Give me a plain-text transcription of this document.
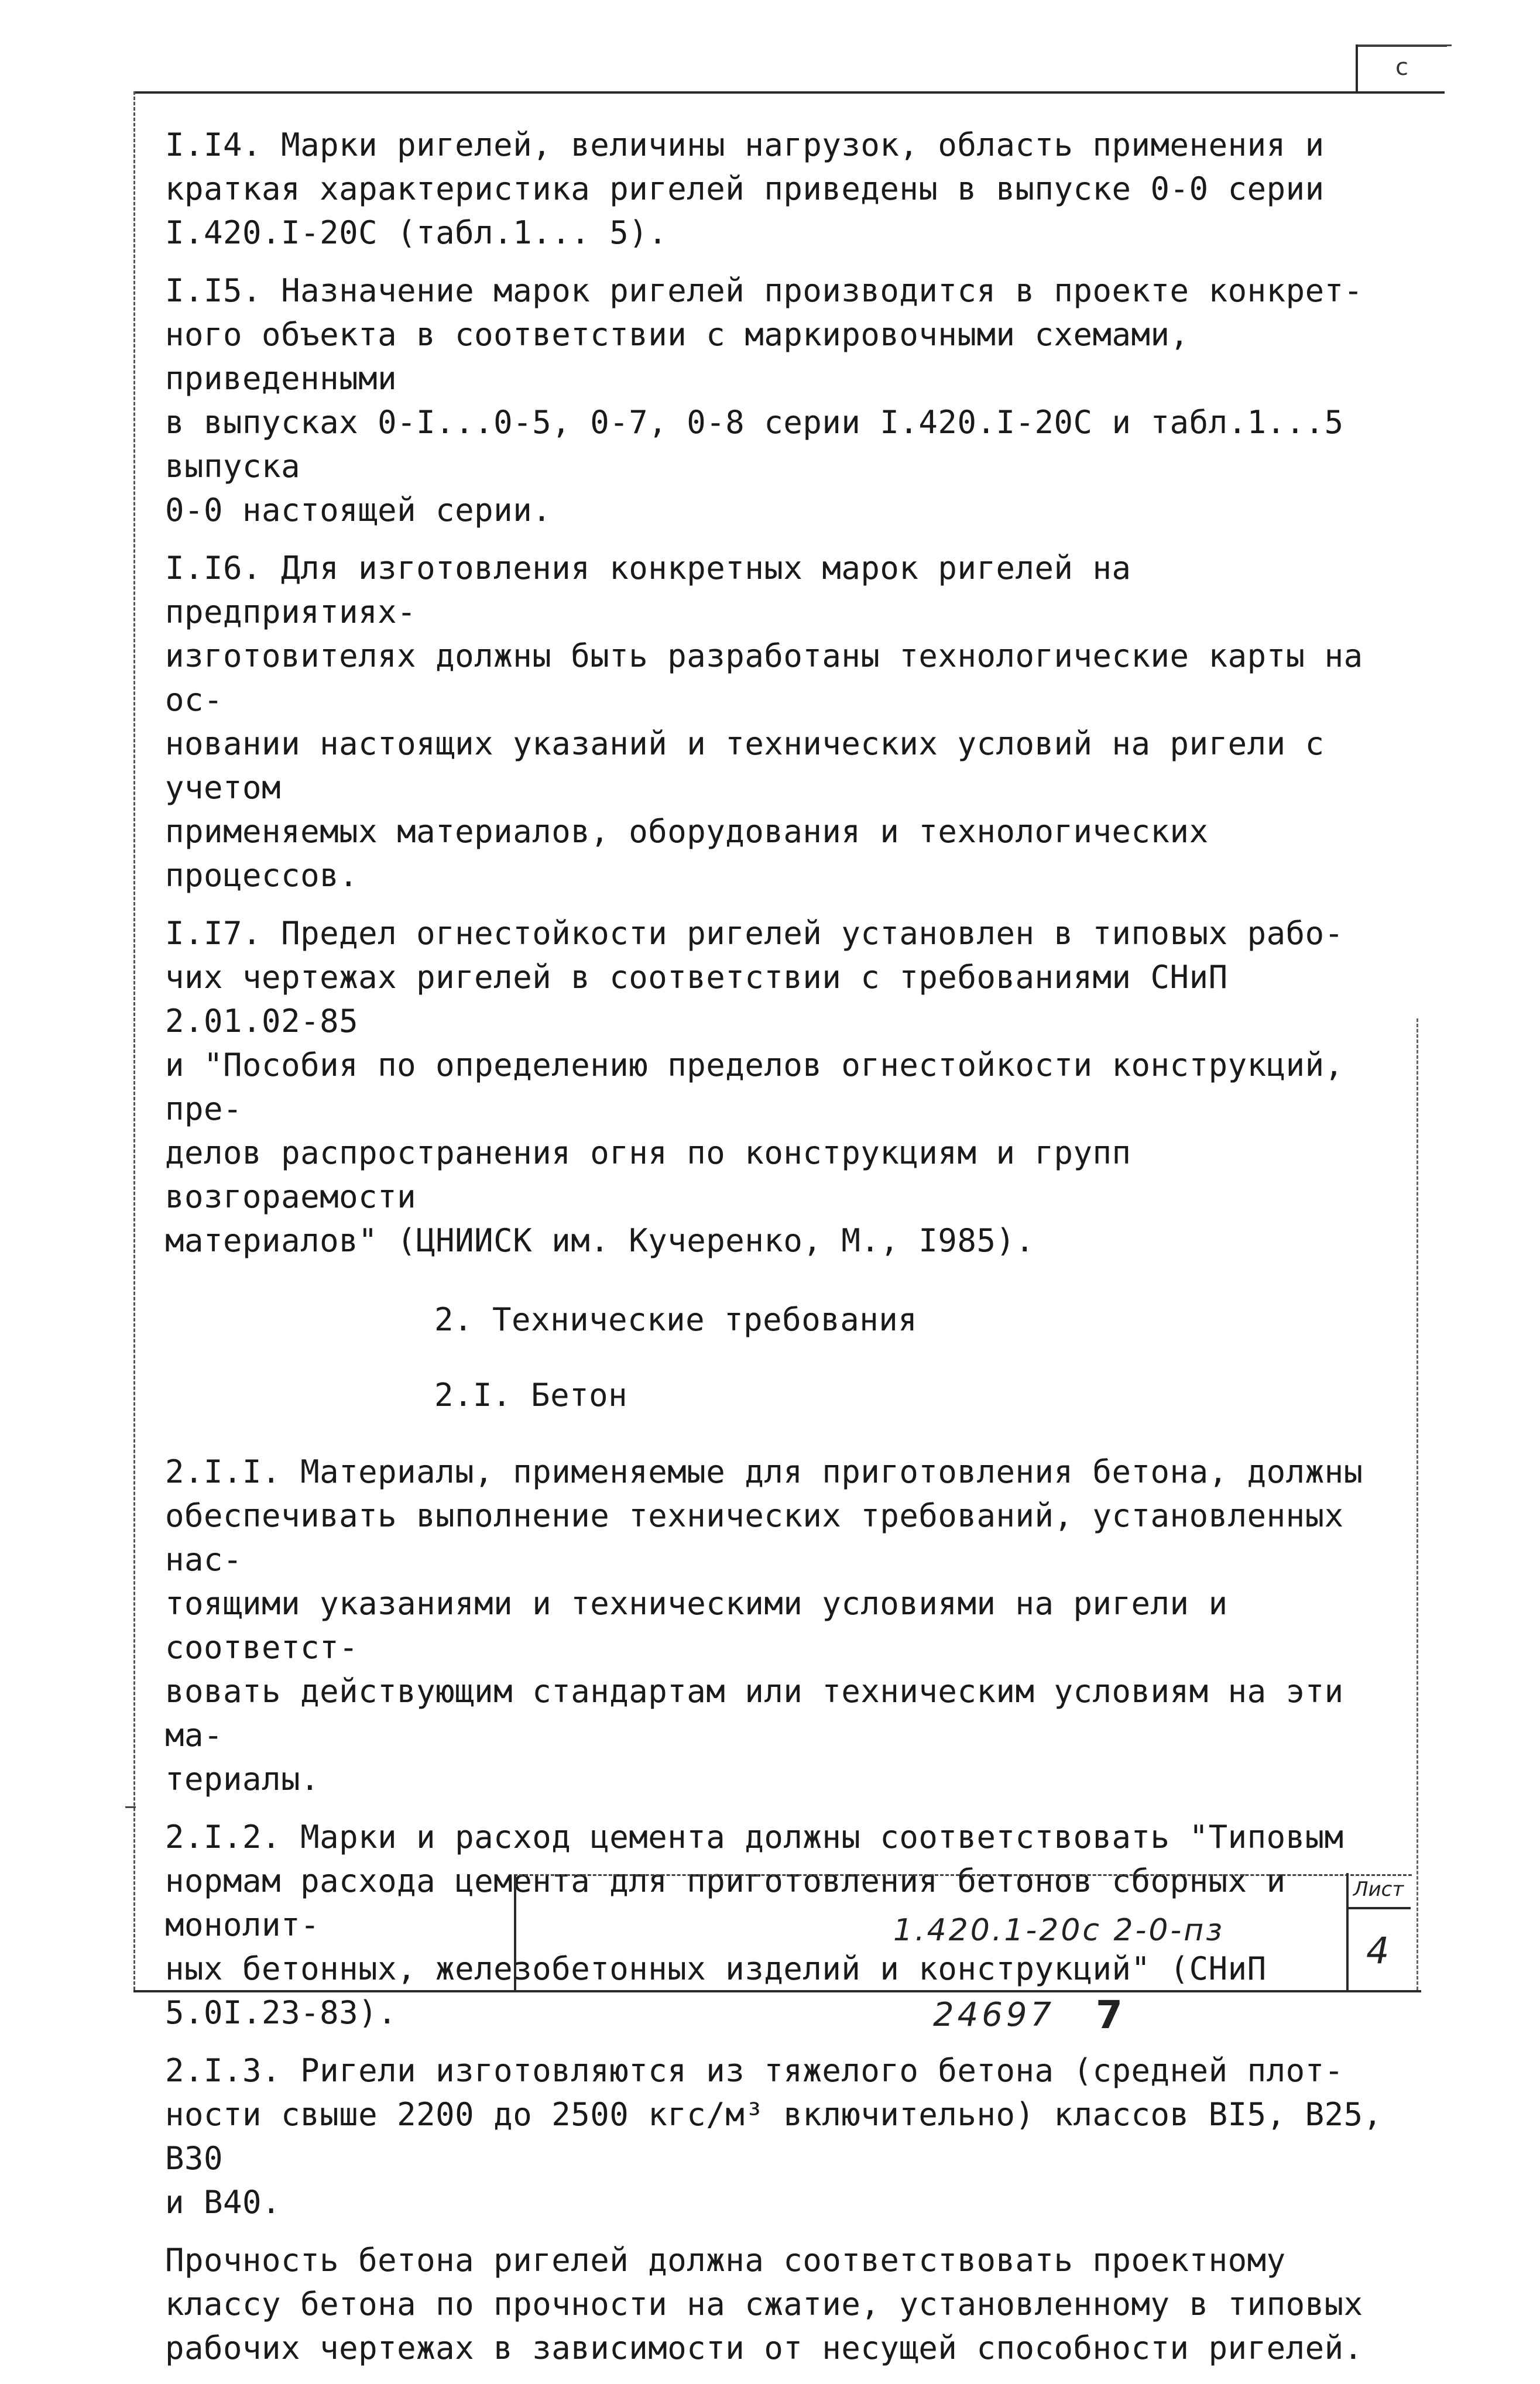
с

I.I4. Марки ригелей, величины нагрузок, область применения и
краткая характеристика ригелей приведены в выпуске 0-0 серии
I.420.I-20С (табл.1... 5).

I.I5. Назначение марок ригелей производится в проекте конкрет-
ного объекта в соответствии с маркировочными схемами, приведенными
в выпусках 0-I...0-5, 0-7, 0-8 серии I.420.I-20С и табл.1...5 выпуска
0-0 настоящей серии.

I.I6. Для изготовления конкретных марок ригелей на предприятиях-
изготовителях должны быть разработаны технологические карты на ос-
новании настоящих указаний и технических условий на ригели с учетом
применяемых материалов, оборудования и технологических процессов.

I.I7. Предел огнестойкости ригелей установлен в типовых рабо-
чих чертежах ригелей в соответствии с требованиями СНиП 2.01.02-85
и "Пособия по определению пределов огнестойкости конструкций, пре-
делов распространения огня по конструкциям и групп возгораемости
материалов" (ЦНИИСК им. Кучеренко, М., I985).

2. Технические требования
2.I. Бетон

2.I.I. Материалы, применяемые для приготовления бетона, должны
обеспечивать выполнение технических требований, установленных нас-
тоящими указаниями и техническими условиями на ригели и соответст-
вовать действующим стандартам или техническим условиям на эти ма-
териалы.

2.I.2. Марки и расход цемента должны соответствовать "Типовым
нормам расхода цемента для приготовления бетонов сборных и монолит-
ных бетонных, железобетонных изделий и конструкций" (СНиП 5.0I.23-83).

2.I.3. Ригели изготовляются из тяжелого бетона (средней плот-
ности свыше 2200 до 2500 кгс/м³ включительно) классов BI5, B25, B30
и B40.

Прочность бетона ригелей должна соответствовать проектному
классу бетона по прочности на сжатие, установленному в типовых
рабочих чертежах в зависимости от несущей способности ригелей.

1.420.1-20с 2-0-пз
Лист
4
24697 7
